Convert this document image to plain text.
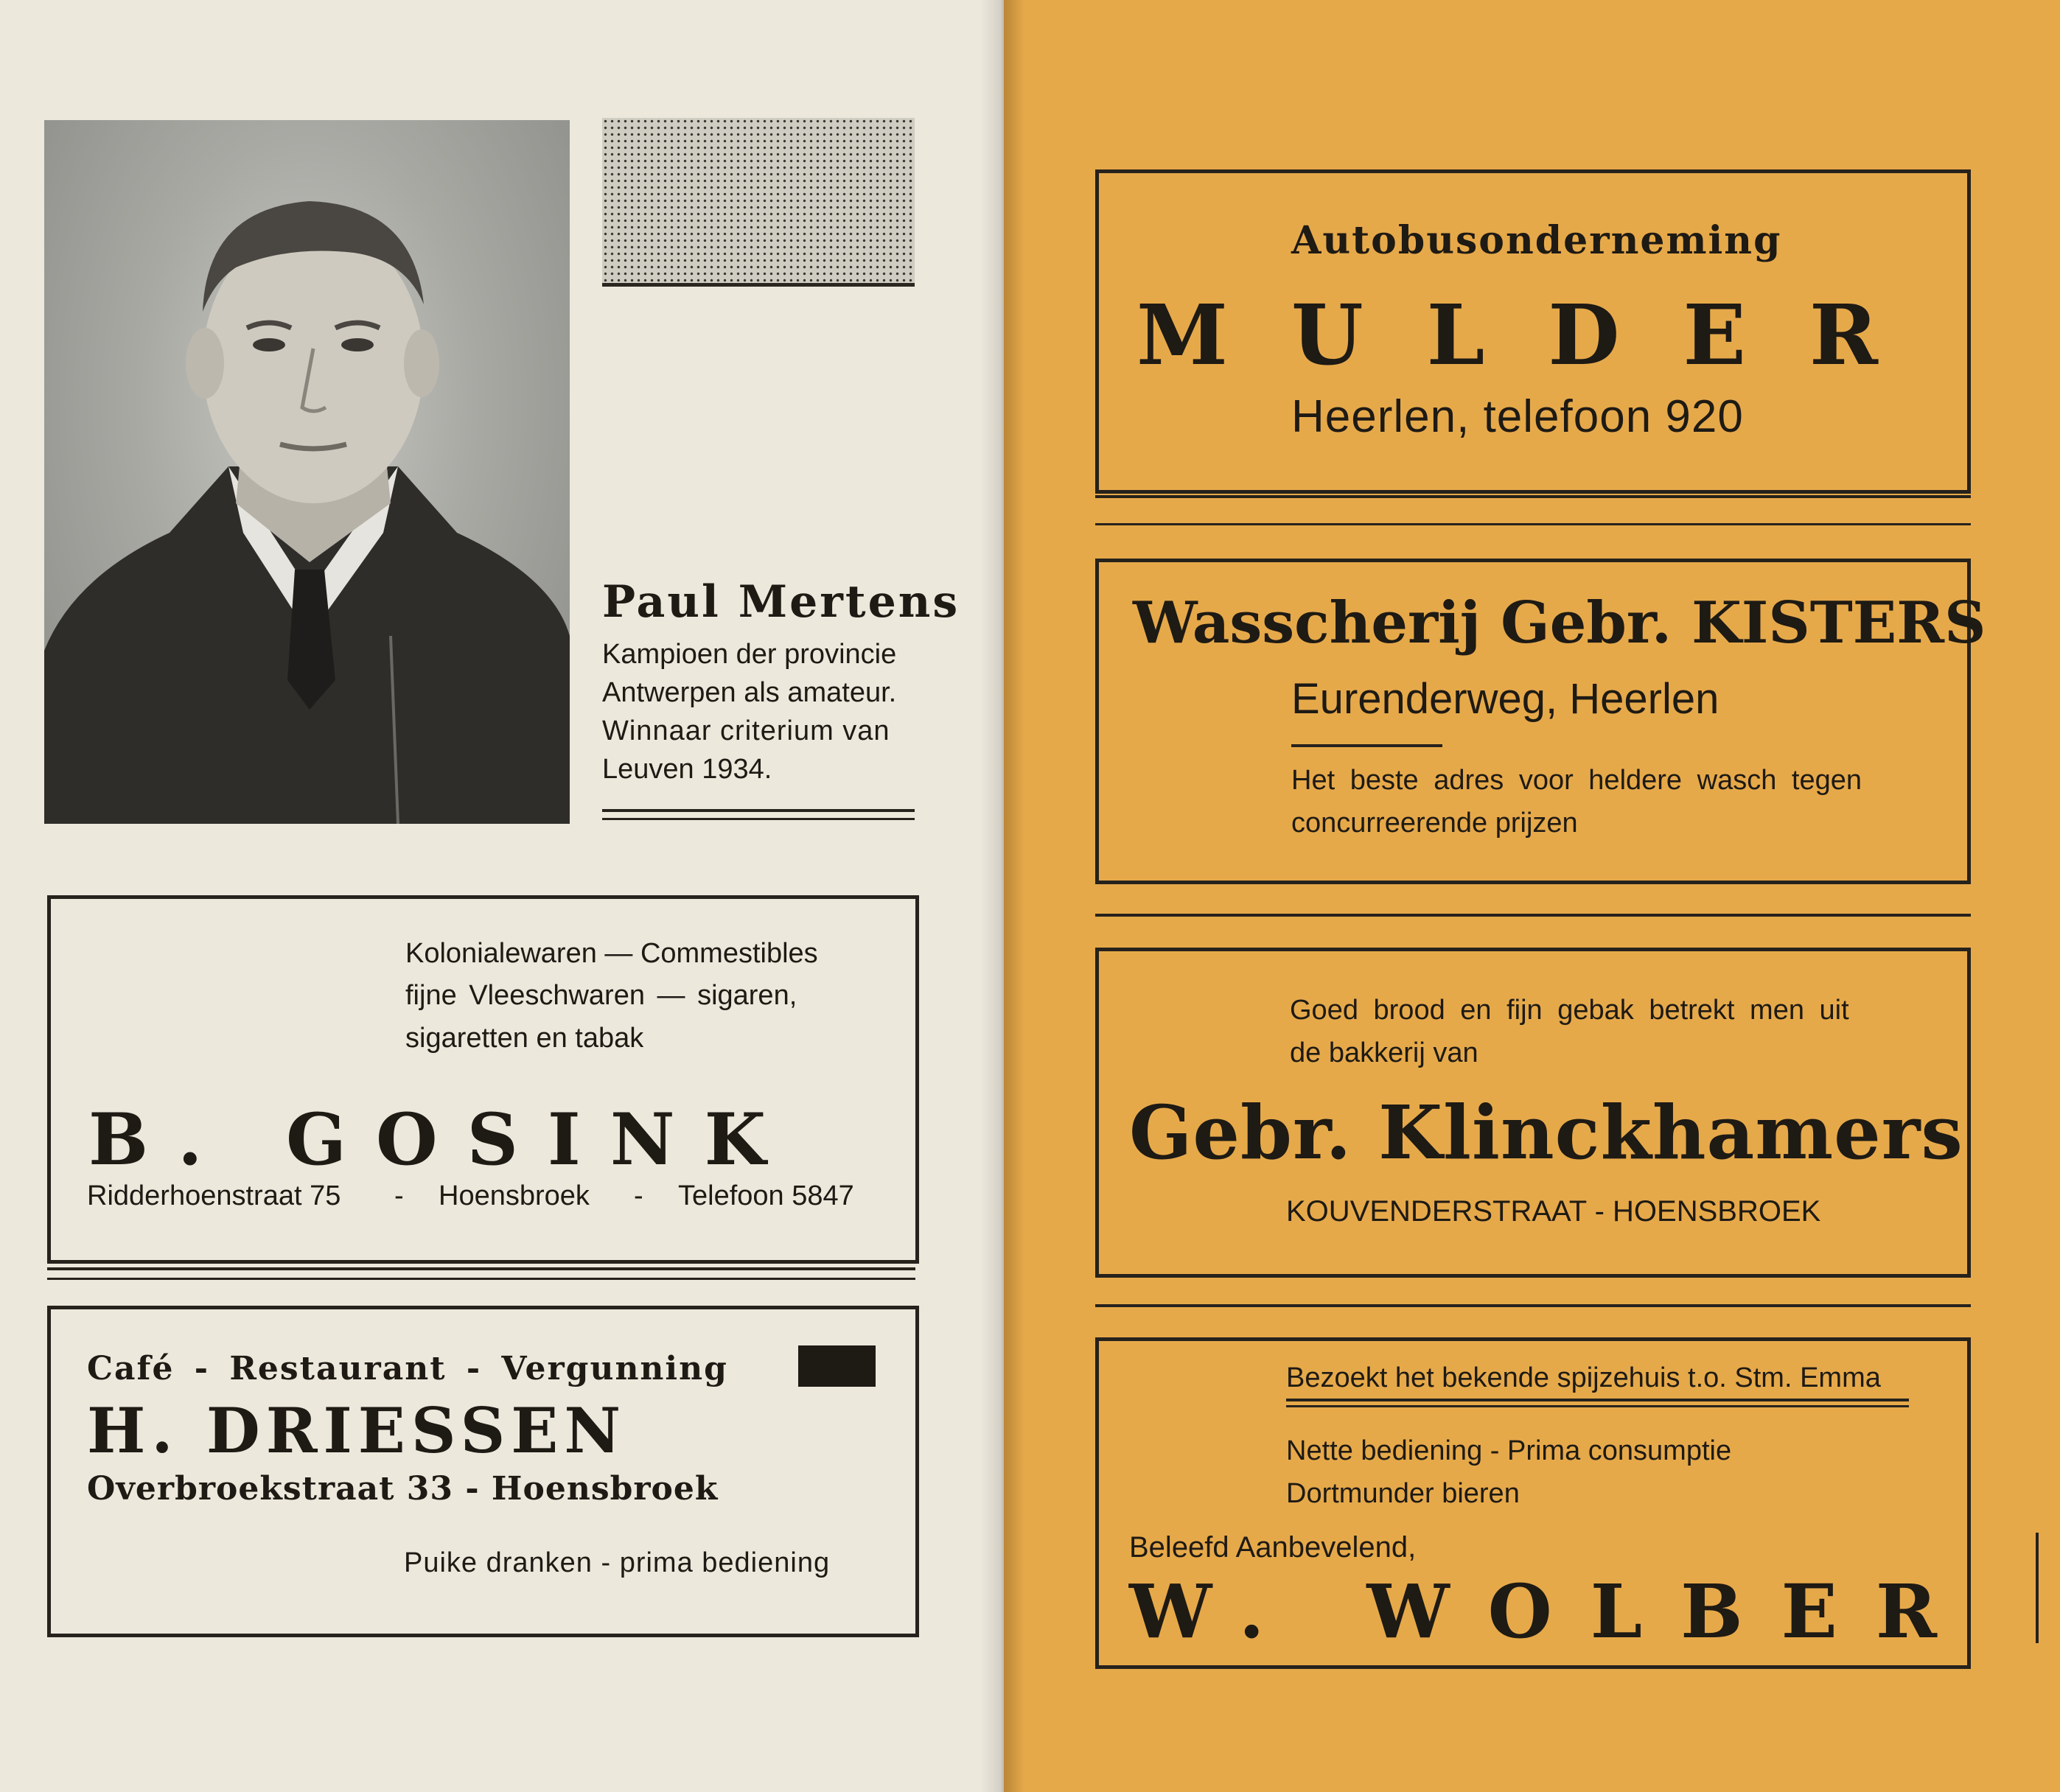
Paul Mertens
Kampioen der provincie
Antwerpen als amateur.
Winnaar criterium van
Leuven 1934.
Kolonialewaren — Commestibles
fijne Vleeschwaren — sigaren,
sigaretten en tabak
B. GOSINK
Ridderhoenstraat 75 - Hoensbroek - Telefoon 5847
Café - Restaurant - Vergunning
H. DRIESSEN
Overbroekstraat 33 - Hoensbroek
Puike dranken - prima bediening
Autobusonderneming
MULDER
Heerlen, telefoon 920
Wasscherij Gebr. KISTERS
Eurenderweg, Heerlen
Het beste adres voor heldere wasch tegen
concurreerende prijzen
Goed brood en fijn gebak betrekt men uit
de bakkerij van
Gebr. Klinckhamers
KOUVENDERSTRAAT - HOENSBROEK
Bezoekt het bekende spijzehuis t.o. Stm. Emma
Nette bediening - Prima consumptie
Dortmunder bieren
Beleefd Aanbevelend,
W. WOLBER
